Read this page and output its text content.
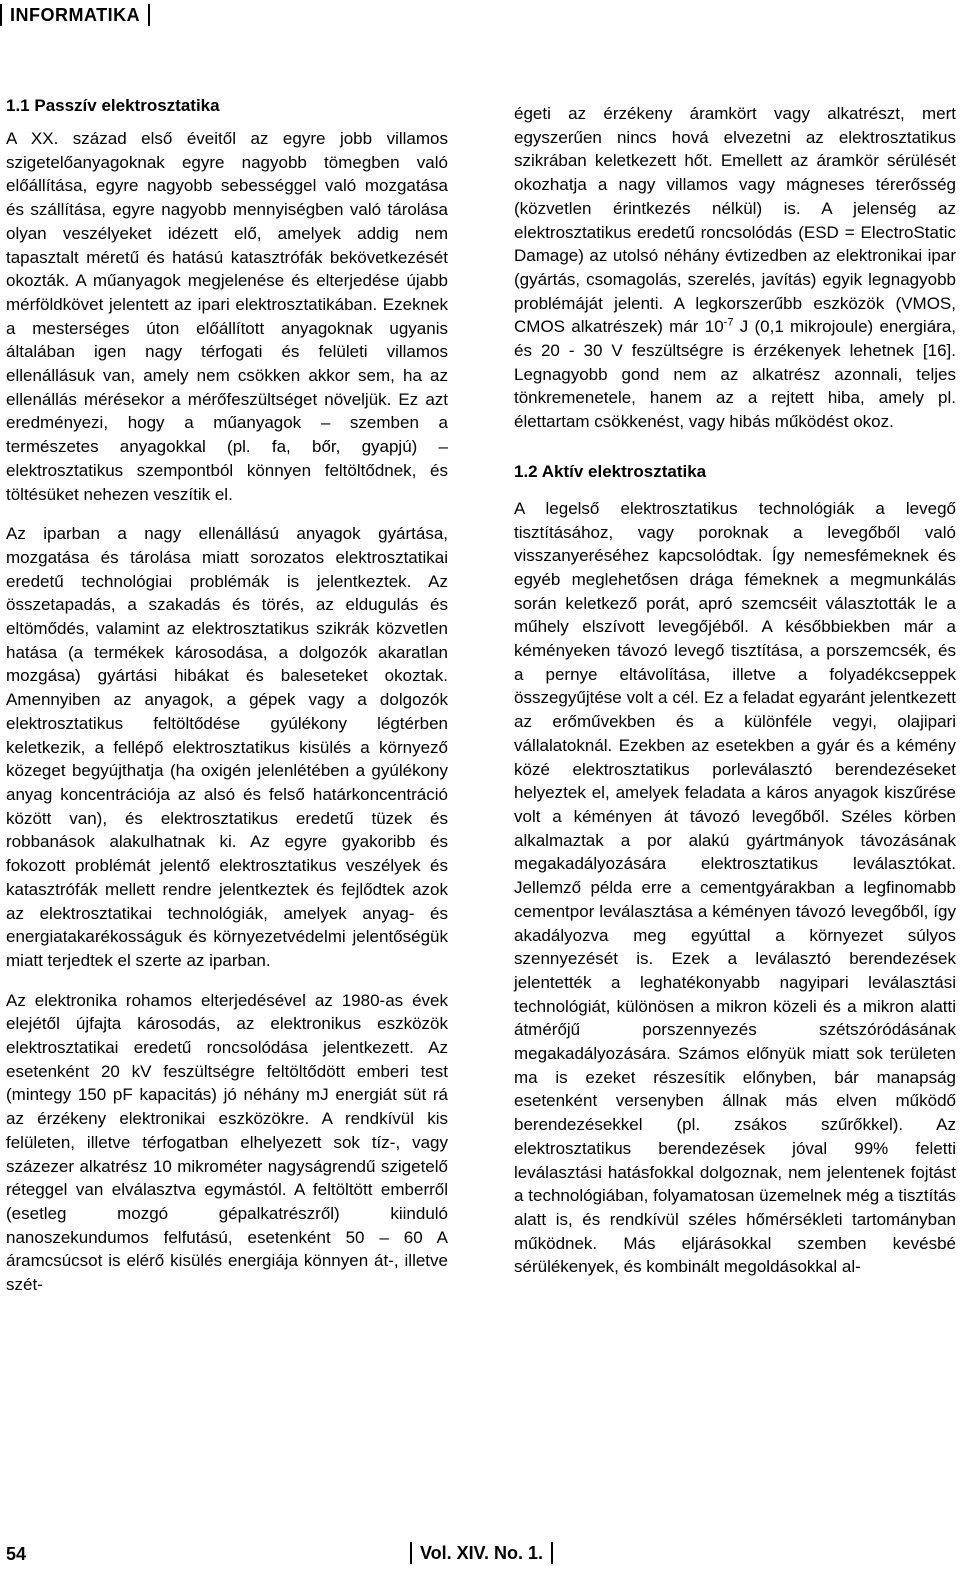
INFORMATIKA
1.1 Passzív elektrosztatika

A XX. század első éveitől az egyre jobb villamos szigetelőanyagoknak egyre nagyobb tömegben való előállítása, egyre nagyobb sebességgel való mozgatása és szállítása, egyre nagyobb mennyiségben való tárolása olyan veszélyeket idézett elő, amelyek addig nem tapasztalt méretű és hatású katasztrófák bekövetkezését okozták. A műanyagok megjelenése és elterjedése újabb mérföldkövet jelentett az ipari elektrosztatikában. Ezeknek a mesterséges úton előállított anyagoknak ugyanis általában igen nagy térfogati és felületi villamos ellenállásuk van, amely nem csökken akkor sem, ha az ellenállás mérésekor a mérőfeszültséget növeljük. Ez azt eredményezi, hogy a műanyagok – szemben a természetes anyagokkal (pl. fa, bőr, gyapjú) – elektrosztatikus szempontból könnyen feltöltődnek, és töltésüket nehezen veszítik el.

Az iparban a nagy ellenállású anyagok gyártása, mozgatása és tárolása miatt sorozatos elektrosztatikai eredetű technológiai problémák is jelentkeztek. Az összetapadás, a szakadás és törés, az eldugulás és eltömődés, valamint az elektrosztatikus szikrák közvetlen hatása (a termékek károsodása, a dolgozók akaratlan mozgása) gyártási hibákat és baleseteket okoztak. Amennyiben az anyagok, a gépek vagy a dolgozók elektrosztatikus feltöltődése gyúlékony légtérben keletkezik, a fellépő elektrosztatikus kisülés a környező közeget begyújthatja (ha oxigén jelenlétében a gyúlékony anyag koncentrációja az alsó és felső határkoncentráció között van), és elektrosztatikus eredetű tüzek és robbanások alakulhatnak ki. Az egyre gyakoribb és fokozott problémát jelentő elektrosztatikus veszélyek és katasztrófák mellett rendre jelentkeztek és fejlődtek azok az elektrosztatikai technológiák, amelyek anyag- és energiatakarékosságuk és környezetvédelmi jelentőségük miatt terjedtek el szerte az iparban.

Az elektronika rohamos elterjedésével az 1980-as évek elejétől újfajta károsodás, az elektronikus eszközök elektrosztatikai eredetű roncsolódása jelentkezett. Az esetenként 20 kV feszültségre feltöltődött emberi test (mintegy 150 pF kapacitás) jó néhány mJ energiát süt rá az érzékeny elektronikai eszközökre. A rendkívül kis felületen, illetve térfogatban elhelyezett sok tíz-, vagy százezer alkatrész 10 mikrométer nagyságrendű szigetelő réteggel van elválasztva egymástól. A feltöltött emberről (esetleg mozgó gépalkatrészről) kiinduló nanoszekundumos felfutású, esetenként 50 – 60 A áramcsúcsot is elérő kisülés energiája könnyen át-, illetve szét-

égeti az érzékeny áramkört vagy alkatrészt, mert egyszerűen nincs hová elvezetni az elektrosztatikus szikrában keletkezett hőt. Emellett az áramkör sérülését okozhatja a nagy villamos vagy mágneses térerősség (közvetlen érintkezés nélkül) is. A jelenség az elektrosztatikus eredetű roncsolódás (ESD = ElectroStatic Damage) az utolsó néhány évtizedben az elektronikai ipar (gyártás, csomagolás, szerelés, javítás) egyik legnagyobb problémáját jelenti. A legkorszerűbb eszközök (VMOS, CMOS alkatrészek) már $10^{-7}$ J (0,1 mikrojoule) energiára, és 20 - 30 V feszültségre is érzékenyek lehetnek [16]. Legnagyobb gond nem az alkatrész azonnali, teljes tönkremenetele, hanem az a rejtett hiba, amely pl. élettartam csökkenést, vagy hibás működést okoz.

1.2 Aktív elektrosztatika

A legelső elektrosztatikus technológiák a levegő tisztításához, vagy poroknak a levegőből való visszanyeréséhez kapcsolódtak. Így nemesfémeknek és egyéb meglehetősen drága fémeknek a megmunkálás során keletkező porát, apró szemcséit választották le a műhely elszívott levegőjéből. A későbbiekben már a kéményeken távozó levegő tisztítása, a porszemcsék, és a pernye eltávolítása, illetve a folyadékcseppek összegyűjtése volt a cél. Ez a feladat egyaránt jelentkezett az erőművekben és a különféle vegyi, olajipari vállalatoknál. Ezekben az esetekben a gyár és a kémény közé elektrosztatikus porleválasztó berendezéseket helyeztek el, amelyek feladata a káros anyagok kiszűrése volt a kéményen át távozó levegőből. Széles körben alkalmaztak a por alakú gyártmányok távozásának megakadályozására elektrosztatikus leválasztókat. Jellemző példa erre a cementgyárakban a legfinomabb cementpor leválasztása a kéményen távozó levegőből, így akadályozva meg egyúttal a környezet súlyos szennyezését is. Ezek a leválasztó berendezések jelentették a leghatékonyabb nagyipari leválasztási technológiát, különösen a mikron közeli és a mikron alatti átmérőjű porszennyezés szétszóródásának megakadályozására. Számos előnyük miatt sok területen ma is ezeket részesítik előnyben, bár manapság esetenként versenyben állnak más elven működő berendezésekkel (pl. zsákos szűrőkkel). Az elektrosztatikus berendezések jóval 99% feletti leválasztási hatásfokkal dolgoznak, nem jelentenek fojtást a technológiában, folyamatosan üzemelnek még a tisztítás alatt is, és rendkívül széles hőmérsékleti tartományban működnek. Más eljárásokkal szemben kevésbé sérülékenyek, és kombinált megoldásokkal al-

54	Vol. XIV. No. 1.
